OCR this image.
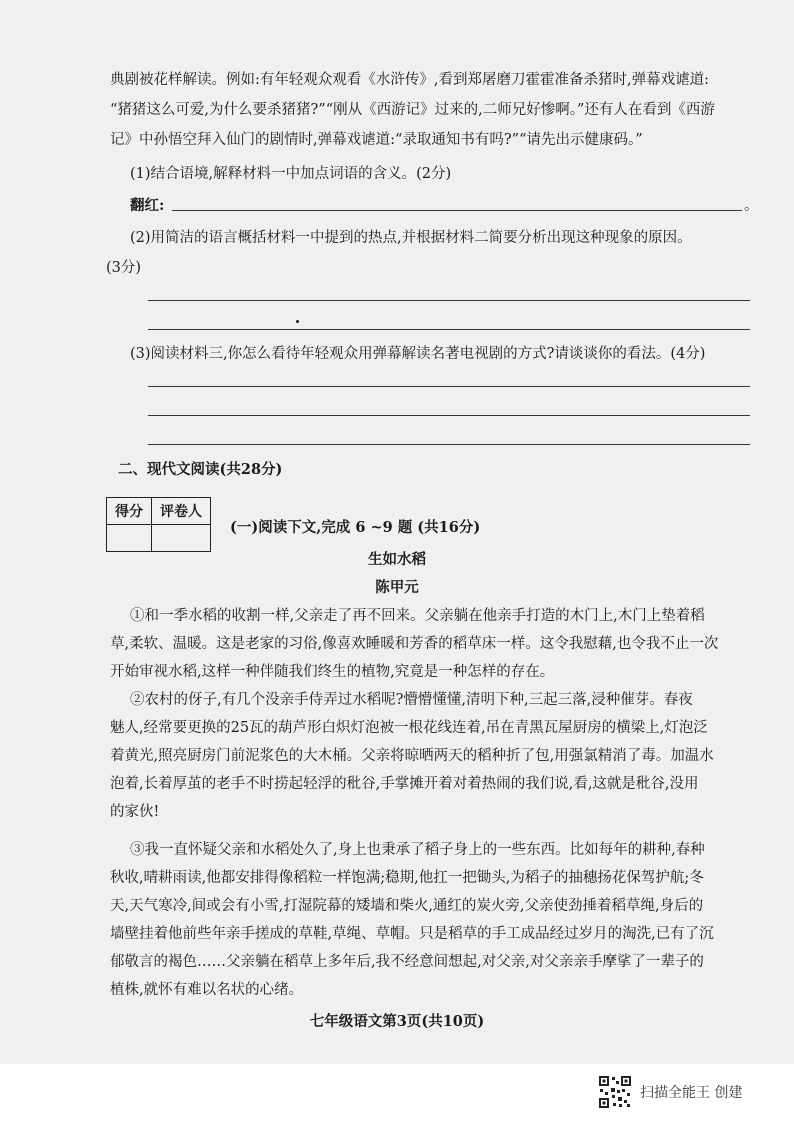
典剧被花样解读。例如:有年轻观众观看《水浒传》,看到郑屠磨刀霍霍准备杀猪时,弹幕戏谑道:
“猪猪这么可爱,为什么要杀猪猪?”“刚从《西游记》过来的,二师兄好惨啊。”还有人在看到《西游
记》中孙悟空拜入仙门的剧情时,弹幕戏谑道:“录取通知书有吗?”“请先出示健康码。”
(1)结合语境,解释材料一中加点词语的含义。(2分)
翻红:	。
(2)用简洁的语言概括材料一中提到的热点,并根据材料二简要分析出现这种现象的原因。
(3分)
(3)阅读材料三,你怎么看待年轻观众用弹幕解读名著电视剧的方式?请谈谈你的看法。(4分)
二、现代文阅读(共28分)
得分	评卷人

(一)阅读下文,完成 6 ~9 题 (共16分)
生如水稻
陈甲元
①和一季水稻的收割一样,父亲走了再不回来。父亲躺在他亲手打造的木门上,木门上垫着稻
草,柔软、温暖。这是老家的习俗,像喜欢睡暖和芳香的稻草床一样。这令我慰藉,也令我不止一次
开始审视水稻,这样一种伴随我们终生的植物,究竟是一种怎样的存在。
②农村的伢子,有几个没亲手侍弄过水稻呢?懵懵懂懂,清明下种,三起三落,浸种催芽。春夜
魅人,经常要更换的25瓦的葫芦形白炽灯泡被一根花线连着,吊在青黑瓦屋厨房的横梁上,灯泡泛
着黄光,照亮厨房门前泥浆色的大木桶。父亲将晾晒两天的稻种折了包,用强氯精消了毒。加温水
泡着,长着厚茧的老手不时捞起轻浮的秕谷,手掌摊开着对着热闹的我们说,看,这就是秕谷,没用
的家伙!
③我一直怀疑父亲和水稻处久了,身上也秉承了稻子身上的一些东西。比如每年的耕种,春种
秋收,晴耕雨读,他都安排得像稻粒一样饱满;稳期,他扛一把锄头,为稻子的抽穗扬花保驾护航;冬
天,天气寒冷,间或会有小雪,打湿院幕的矮墙和柴火,通红的炭火旁,父亲使劲捶着稻草绳,身后的
墙壁挂着他前些年亲手搓成的草鞋,草绳、草帽。只是稻草的手工成品经过岁月的淘洗,已有了沉
郁敬言的褐色……父亲躺在稻草上多年后,我不经意间想起,对父亲,对父亲亲手摩挲了一辈子的
植株,就怀有难以名状的心绪。
七年级语文第3页(共10页)
扫描全能王 创建
